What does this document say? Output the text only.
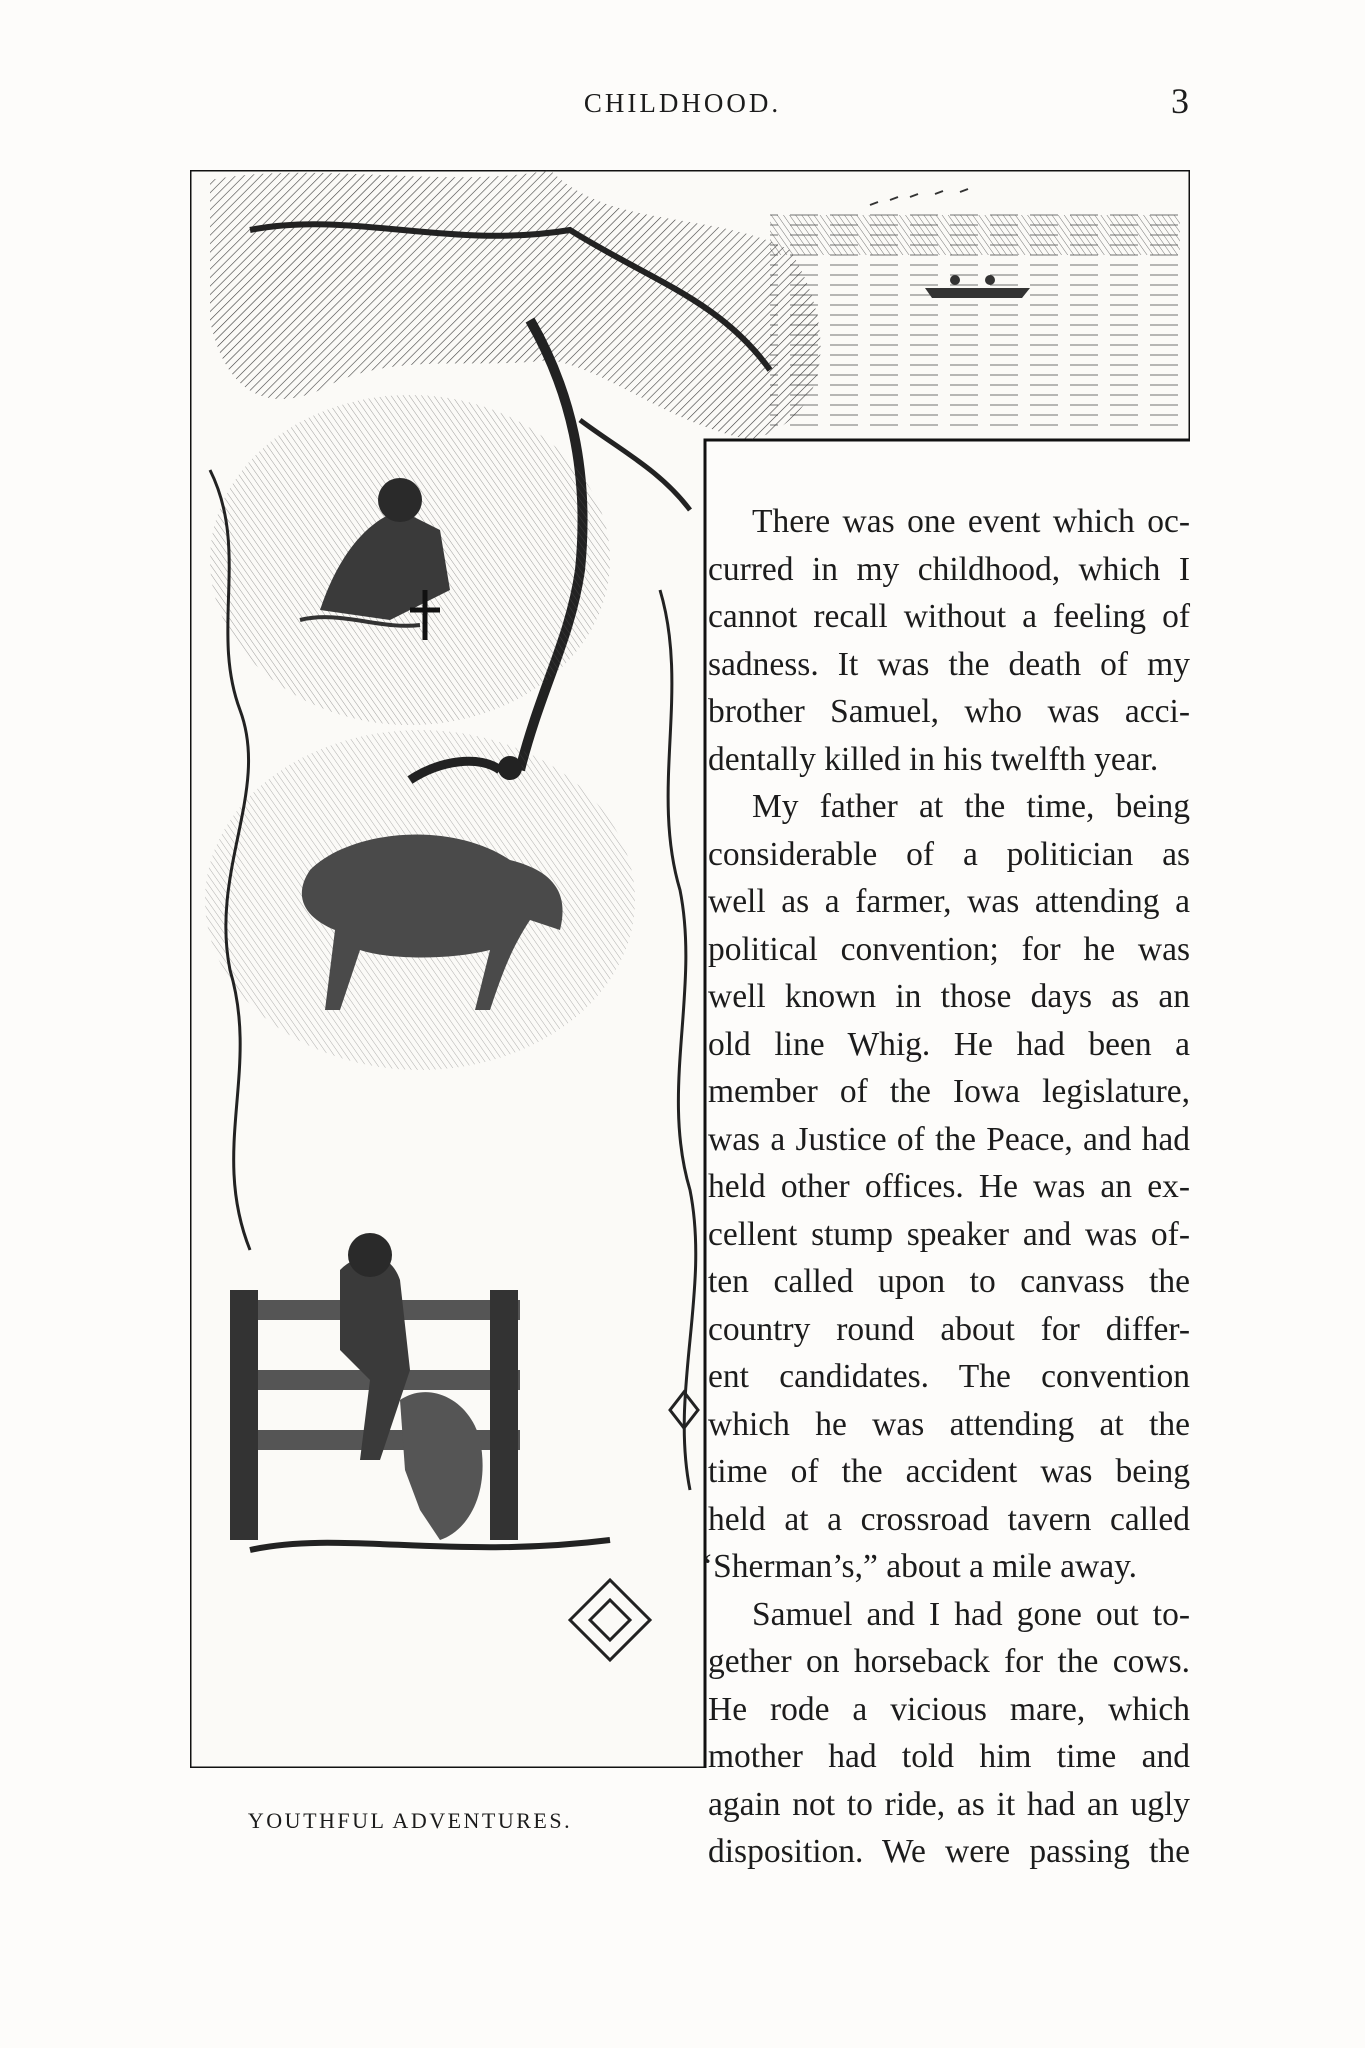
CHILDHOOD.	3
YOUTHFUL ADVENTURES.

There was one event which oc-
curred in my childhood, which I
cannot recall without a feeling of
sadness. It was the death of my
brother Samuel, who was acci-
dentally killed in his twelfth year.

My father at the time, being
considerable of a politician as
well as a farmer, was attending a
political convention; for he was
well known in those days as an
old line Whig. He had been a
member of the Iowa legislature,
was a Justice of the Peace, and had
held other offices. He was an ex-
cellent stump speaker and was of-
ten called upon to canvass the
country round about for differ-
ent candidates. The convention
which he was attending at the
time of the accident was being
held at a crossroad tavern called
‘Sherman’s,” about a mile away.

Samuel and I had gone out to-
gether on horseback for the cows.
He rode a vicious mare, which
mother had told him time and
again not to ride, as it had an ugly
disposition. We were passing the
